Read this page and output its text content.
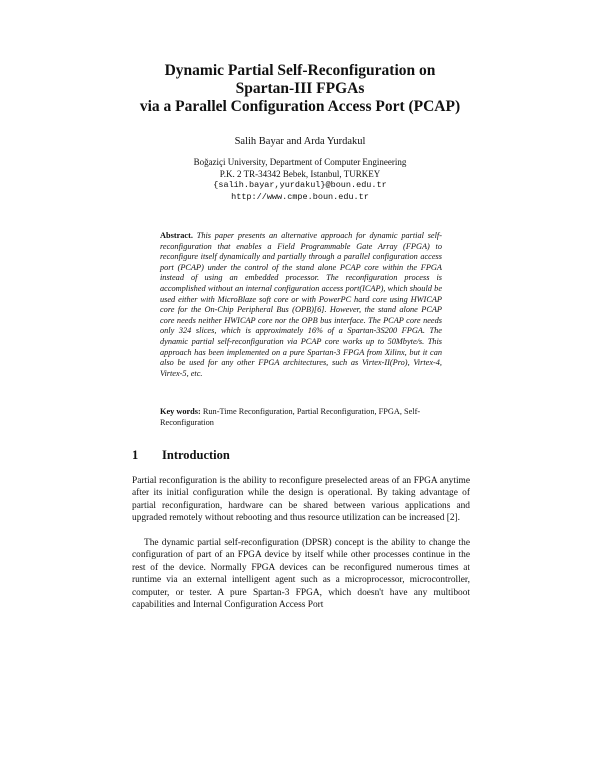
Dynamic Partial Self-Reconfiguration on
Spartan-III FPGAs
via a Parallel Configuration Access Port (PCAP)
Salih Bayar and Arda Yurdakul
Boğaziçi University, Department of Computer Engineering
P.K. 2 TR-34342 Bebek, Istanbul, TURKEY
{salih.bayar,yurdakul}@boun.edu.tr
http://www.cmpe.boun.edu.tr
Abstract. This paper presents an alternative approach for dynamic partial self-reconfiguration that enables a Field Programmable Gate Array (FPGA) to reconfigure itself dynamically and partially through a parallel configuration access port (PCAP) under the control of the stand alone PCAP core within the FPGA instead of using an embedded processor. The reconfiguration process is accomplished without an internal configuration access port(ICAP), which should be used either with MicroBlaze soft core or with PowerPC hard core using HWICAP core for the On-Chip Peripheral Bus (OPB)[6]. However, the stand alone PCAP core needs neither HWICAP core nor the OPB bus interface. The PCAP core needs only 324 slices, which is approximately 16% of a Spartan-3S200 FPGA. The dynamic partial self-reconfiguration via PCAP core works up to 50Mbyte/s. This approach has been implemented on a pure Spartan-3 FPGA from Xilinx, but it can also be used for any other FPGA architectures, such as Virtex-II(Pro), Virtex-4, Virtex-5, etc.
Key words: Run-Time Reconfiguration, Partial Reconfiguration, FPGA, Self-Reconfiguration
1 Introduction
Partial reconfiguration is the ability to reconfigure preselected areas of an FPGA anytime after its initial configuration while the design is operational. By taking advantage of partial reconfiguration, hardware can be shared between various applications and upgraded remotely without rebooting and thus resource utilization can be increased [2].
The dynamic partial self-reconfiguration (DPSR) concept is the ability to change the configuration of part of an FPGA device by itself while other processes continue in the rest of the device. Normally FPGA devices can be reconfigured numerous times at runtime via an external intelligent agent such as a microprocessor, microcontroller, computer, or tester. A pure Spartan-3 FPGA, which doesn't have any multiboot capabilities and Internal Configuration Access Port
